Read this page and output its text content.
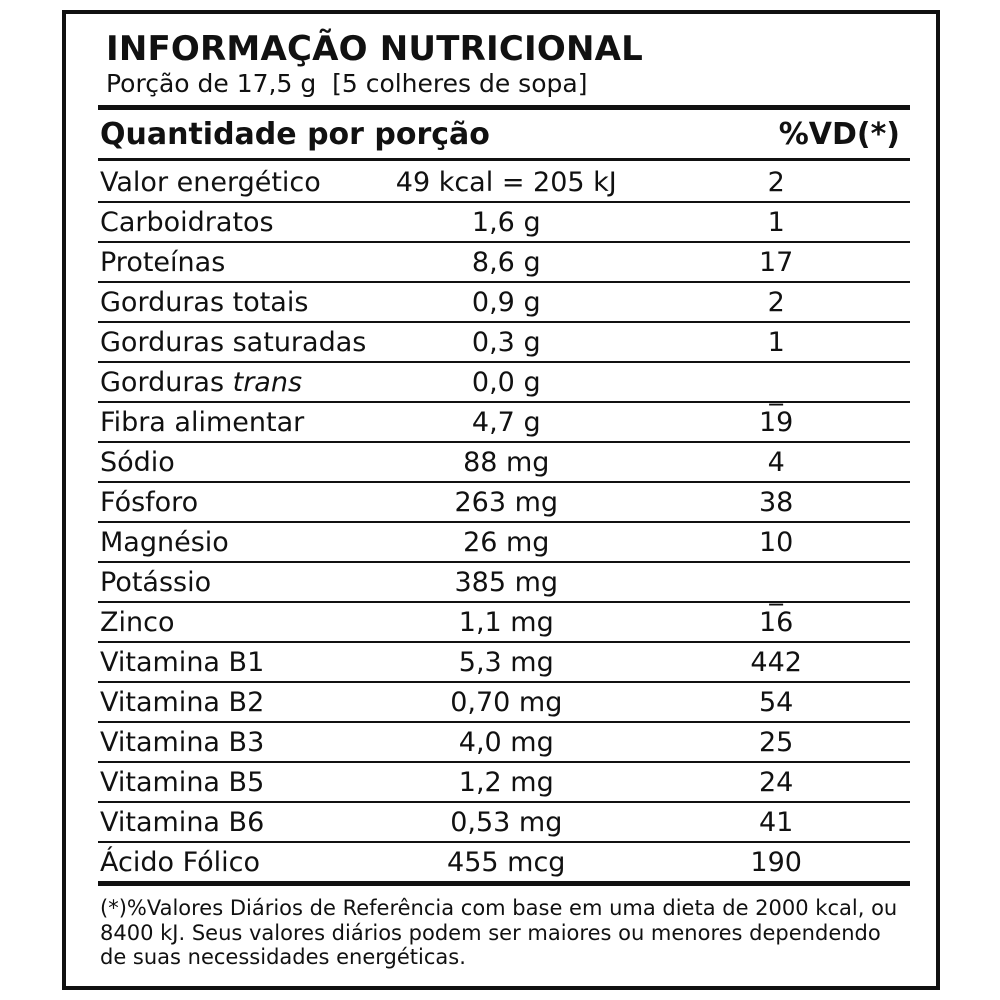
INFORMAÇÃO NUTRICIONAL
Porção de 17,5 g  [5 colheres de sopa]
Quantidade por porção		%VD(*)
Valor energético	49 kcal = 205 kJ	2
Carboidratos	1,6 g	1
Proteínas	8,6 g	17
Gorduras totais	0,9 g	2
Gorduras saturadas	0,3 g	1
Gorduras trans	0,0 g	_
Fibra alimentar	4,7 g	19
Sódio	88 mg	4
Fósforo	263 mg	38
Magnésio	26 mg	10
Potássio	385 mg	_
Zinco	1,1 mg	16
Vitamina B1	5,3 mg	442
Vitamina B2	0,70 mg	54
Vitamina B3	4,0 mg	25
Vitamina B5	1,2 mg	24
Vitamina B6	0,53 mg	41
Ácido Fólico	455 mcg	190
(*)%Valores Diários de Referência com base em uma dieta de 2000 kcal, ou 8400 kJ. Seus valores diários podem ser maiores ou menores dependendo de suas necessidades energéticas.
